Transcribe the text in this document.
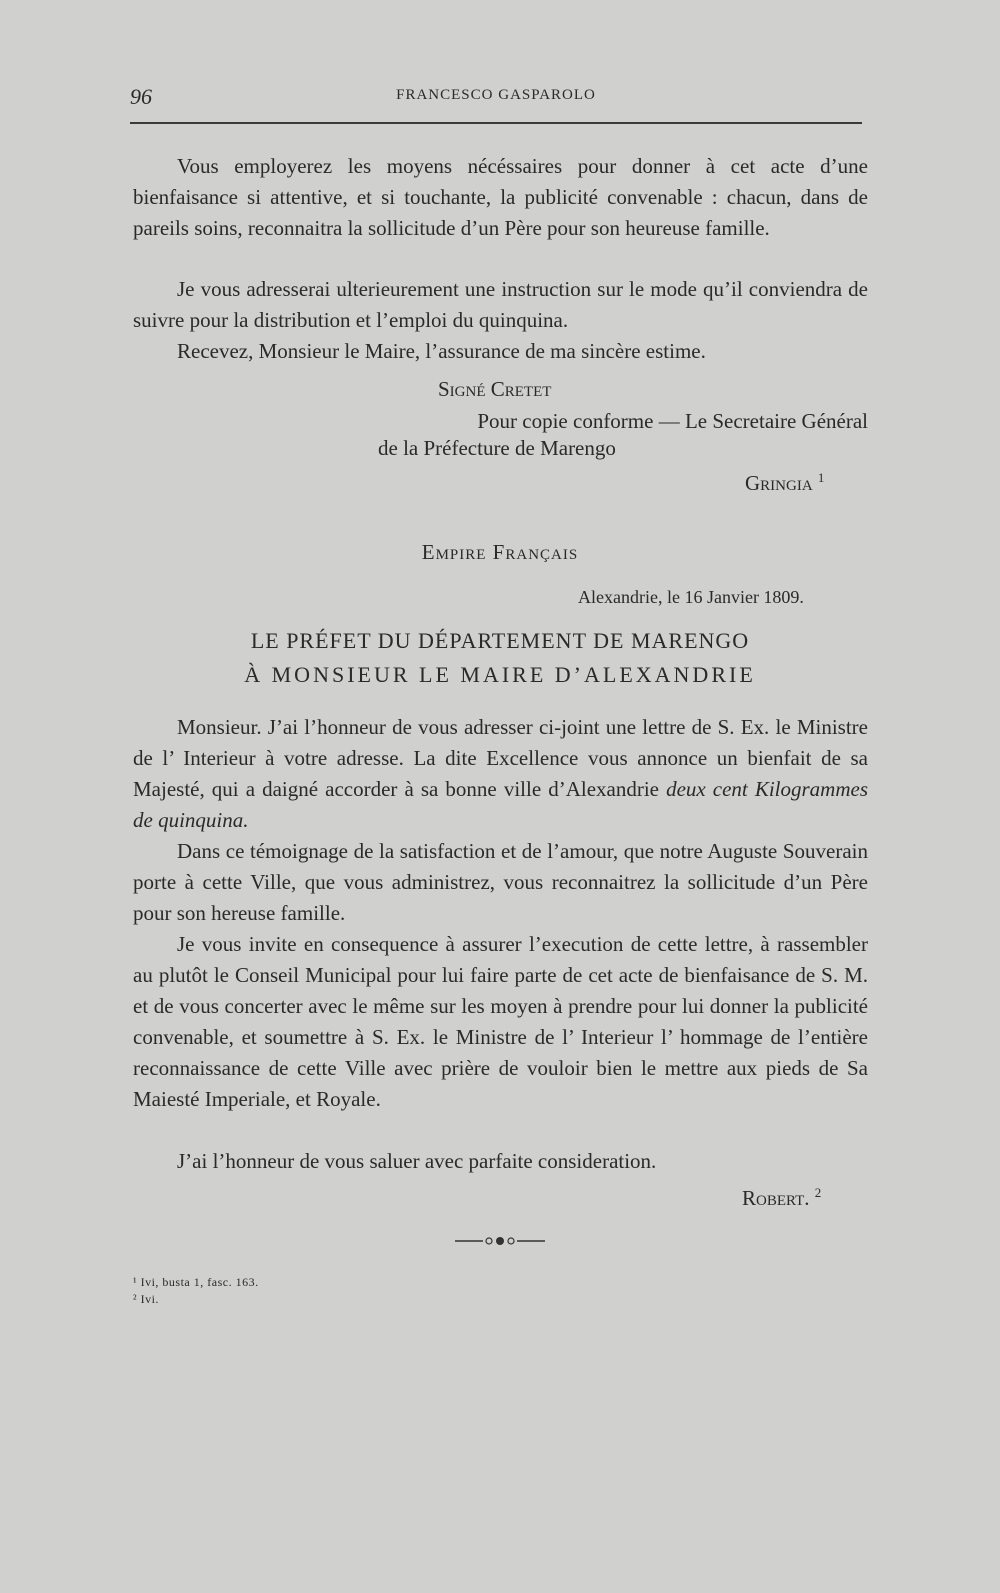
96	FRANCESCO GASPAROLO
Vous employerez les moyens nécéssaires pour donner à cet acte d’une bienfaisance si attentive, et si touchante, la publicité convenable : chacun, dans de pareils soins, reconnaitra la sollicitude d’un Père pour son heureuse famille.
Je vous adresserai ulterieurement une instruction sur le mode qu’il conviendra de suivre pour la distribution et l’emploi du quinquina.
Recevez, Monsieur le Maire, l’assurance de ma sincère estime.
Signé Cretet
Pour copie conforme — Le Secretaire Général
de la Préfecture de Marengo
Gringia $^1$
Empire Français
Alexandrie, le 16 Janvier 1809.
LE PRÉFET DU DÉPARTEMENT DE MARENGO
À MONSIEUR LE MAIRE D’ALEXANDRIE
Monsieur. J’ai l’honneur de vous adresser ci-joint une lettre de S. Ex. le Ministre de l’ Interieur à votre adresse. La dite Excellence vous annonce un bienfait de sa Majesté, qui a daigné accorder à sa bonne ville d’Alexandrie deux cent Kilogrammes de quinquina.
Dans ce témoignage de la satisfaction et de l’amour, que notre Auguste Souverain porte à cette Ville, que vous administrez, vous reconnaitrez la sollicitude d’un Père pour son hereuse famille.
Je vous invite en consequence à assurer l’execution de cette lettre, à rassembler au plutôt le Conseil Municipal pour lui faire parte de cet acte de bienfaisance de S. M. et de vous concerter avec le même sur les moyen à prendre pour lui donner la publicité convenable, et soumettre à S. Ex. le Ministre de l’ Interieur l’ hommage de l’entière reconnaissance de cette Ville avec prière de vouloir bien le mettre aux pieds de Sa Maiesté Imperiale, et Royale.
J’ai l’honneur de vous saluer avec parfaite consideration.
Robert. $^2$
¹ Ivi, busta 1, fasc. 163.
² Ivi.
